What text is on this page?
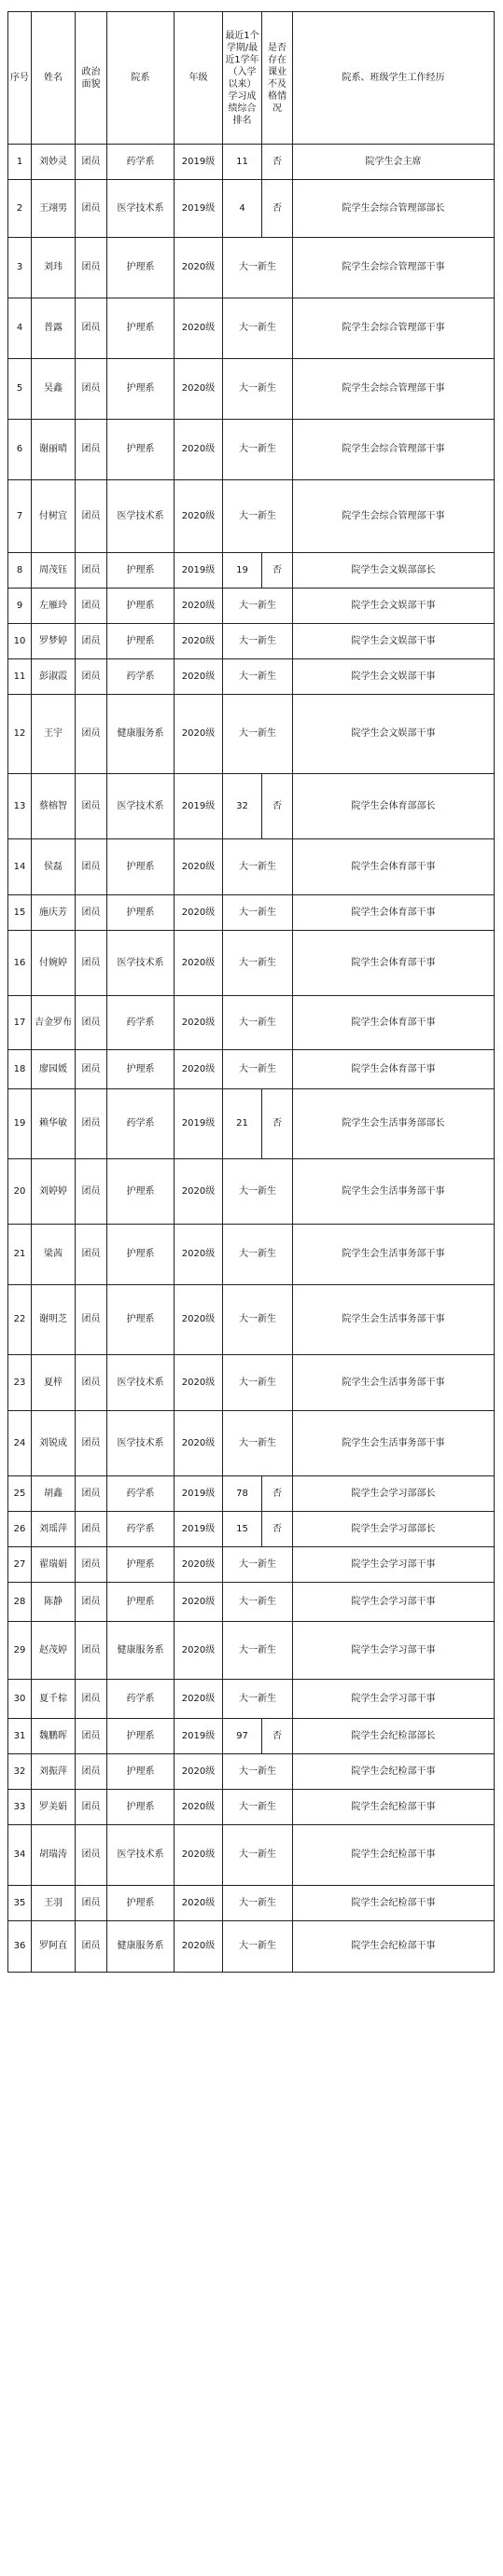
序号	姓名	政治面貌	院系	年级	最近1个学期/最近1学年（入学以来）学习成绩综合排名	是否存在课业不及格情况	院系、班级学生工作经历
1	刘妙灵	团员	药学系	2019级	11	否	院学生会主席
2	王翊男	团员	医学技术系	2019级	4	否	院学生会综合管理部部长
3	刘玮	团员	护理系	2020级	大一新生		院学生会综合管理部干事
4	普露	团员	护理系	2020级	大一新生		院学生会综合管理部干事
5	吴鑫	团员	护理系	2020级	大一新生		院学生会综合管理部干事
6	谢丽晴	团员	护理系	2020级	大一新生		院学生会综合管理部干事
7	付树宜	团员	医学技术系	2020级	大一新生		院学生会综合管理部干事
8	周茂钰	团员	护理系	2019级	19	否	院学生会文娱部部长
9	左雁玲	团员	护理系	2020级	大一新生		院学生会文娱部干事
10	罗梦婷	团员	护理系	2020级	大一新生		院学生会文娱部干事
11	彭淑霞	团员	药学系	2020级	大一新生		院学生会文娱部干事
12	王宇	团员	健康服务系	2020级	大一新生		院学生会文娱部干事
13	蔡榕智	团员	医学技术系	2019级	32	否	院学生会体育部部长
14	侯磊	团员	护理系	2020级	大一新生		院学生会体育部干事
15	施庆芳	团员	护理系	2020级	大一新生		院学生会体育部干事
16	付婉婷	团员	医学技术系	2020级	大一新生		院学生会体育部干事
17	吉金罗布	团员	药学系	2020级	大一新生		院学生会体育部干事
18	廖园媛	团员	护理系	2020级	大一新生		院学生会体育部干事
19	赖华敏	团员	药学系	2019级	21	否	院学生会生活事务部部长
20	刘婷婷	团员	护理系	2020级	大一新生		院学生会生活事务部干事
21	梁茜	团员	护理系	2020级	大一新生		院学生会生活事务部干事
22	谢明芝	团员	护理系	2020级	大一新生		院学生会生活事务部干事
23	夏梓	团员	医学技术系	2020级	大一新生		院学生会生活事务部干事
24	刘锐成	团员	医学技术系	2020级	大一新生		院学生会生活事务部干事
25	胡鑫	团员	药学系	2019级	78	否	院学生会学习部部长
26	刘瑶萍	团员	药学系	2019级	15	否	院学生会学习部部长
27	翟瑞娟	团员	护理系	2020级	大一新生		院学生会学习部干事
28	陈静	团员	护理系	2020级	大一新生		院学生会学习部干事
29	赵茂婷	团员	健康服务系	2020级	大一新生		院学生会学习部干事
30	夏千棕	团员	药学系	2020级	大一新生		院学生会学习部干事
31	魏鹏晖	团员	护理系	2019级	97	否	院学生会纪检部部长
32	刘振萍	团员	护理系	2020级	大一新生		院学生会纪检部干事
33	罗美娟	团员	护理系	2020级	大一新生		院学生会纪检部干事
34	胡瑞涛	团员	医学技术系	2020级	大一新生		院学生会纪检部干事
35	王羽	团员	护理系	2020级	大一新生		院学生会纪检部干事
36	罗阿直	团员	健康服务系	2020级	大一新生		院学生会纪检部干事
